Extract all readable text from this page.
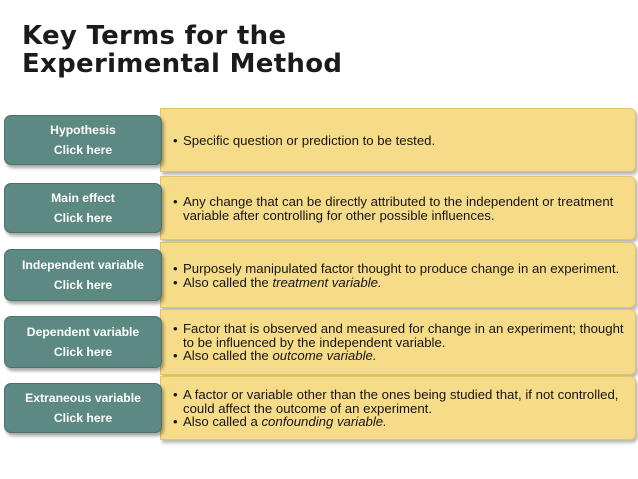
Key Terms for the
Experimental Method
• Specific question or prediction to be tested.
Hypothesis
Click here
• Any change that can be directly attributed to the independent or treatment variable after controlling for other possible influences.
Main effect
Click here
• Purposely manipulated factor thought to produce change in an experiment.
• Also called the treatment variable.
Independent variable
Click here
• Factor that is observed and measured for change in an experiment; thought to be influenced by the independent variable.
• Also called the outcome variable.
Dependent variable
Click here
• A factor or variable other than the ones being studied that, if not controlled, could affect the outcome of an experiment.
• Also called a confounding variable.
Extraneous variable
Click here
